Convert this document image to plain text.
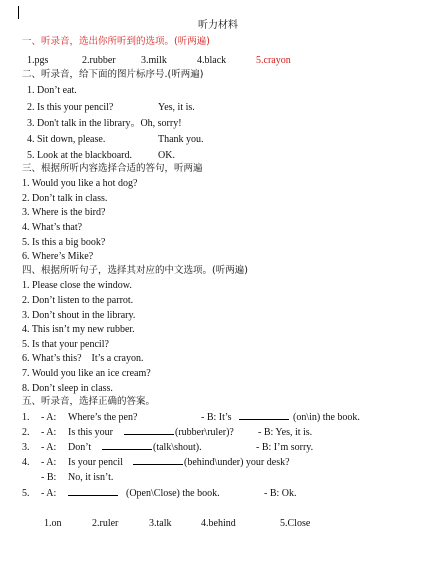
听力材料
一、听录音，选出你所听到的选项。(听两遍)
1.pgs	2.rubber	3.milk	4.black	5.crayon
二、听录音，给下面的图片标序号.(听两遍)
1. Don’t eat.
2. Is this your pencil?	Yes, it is.
3. Don't talk in the library。Oh, sorry!
4. Sit down, please.	Thank you.
5. Look at the blackboard.	OK.
三、根据所听内容选择合适的答句，听两遍
1. Would you like a hot dog?
2. Don’t talk in class.
3. Where is the bird?
4. What’s that?
5. Is this a big book?
6. Where’s Mike?
四、根据所听句子，选择其对应的中文选项。(听两遍)
1. Please close the window.
2. Don’t listen to the parrot.
3. Don’t shout in the library.
4. This isn’t my new rubber.
5. Is that your pencil?
6. What’s this?    It’s a crayon.
7. Would you like an ice cream?
8. Don’t sleep in class.
五、听录音，选择正确的答案。
1. - A: Where’s the pen?	- B: It’s	(on\in) the book.
2. - A: Is this your	(rubber\ruler)? - B: Yes, it is.
3. - A: Don’t	(talk\shout).	- B: I’m sorry.
4. - A: Is your pencil	(behind\under) your desk?
- B: No, it isn’t.
5. - A:	(Open\Close) the book.	- B: Ok.
1.on	2.ruler	3.talk	4.behind	5.Close
